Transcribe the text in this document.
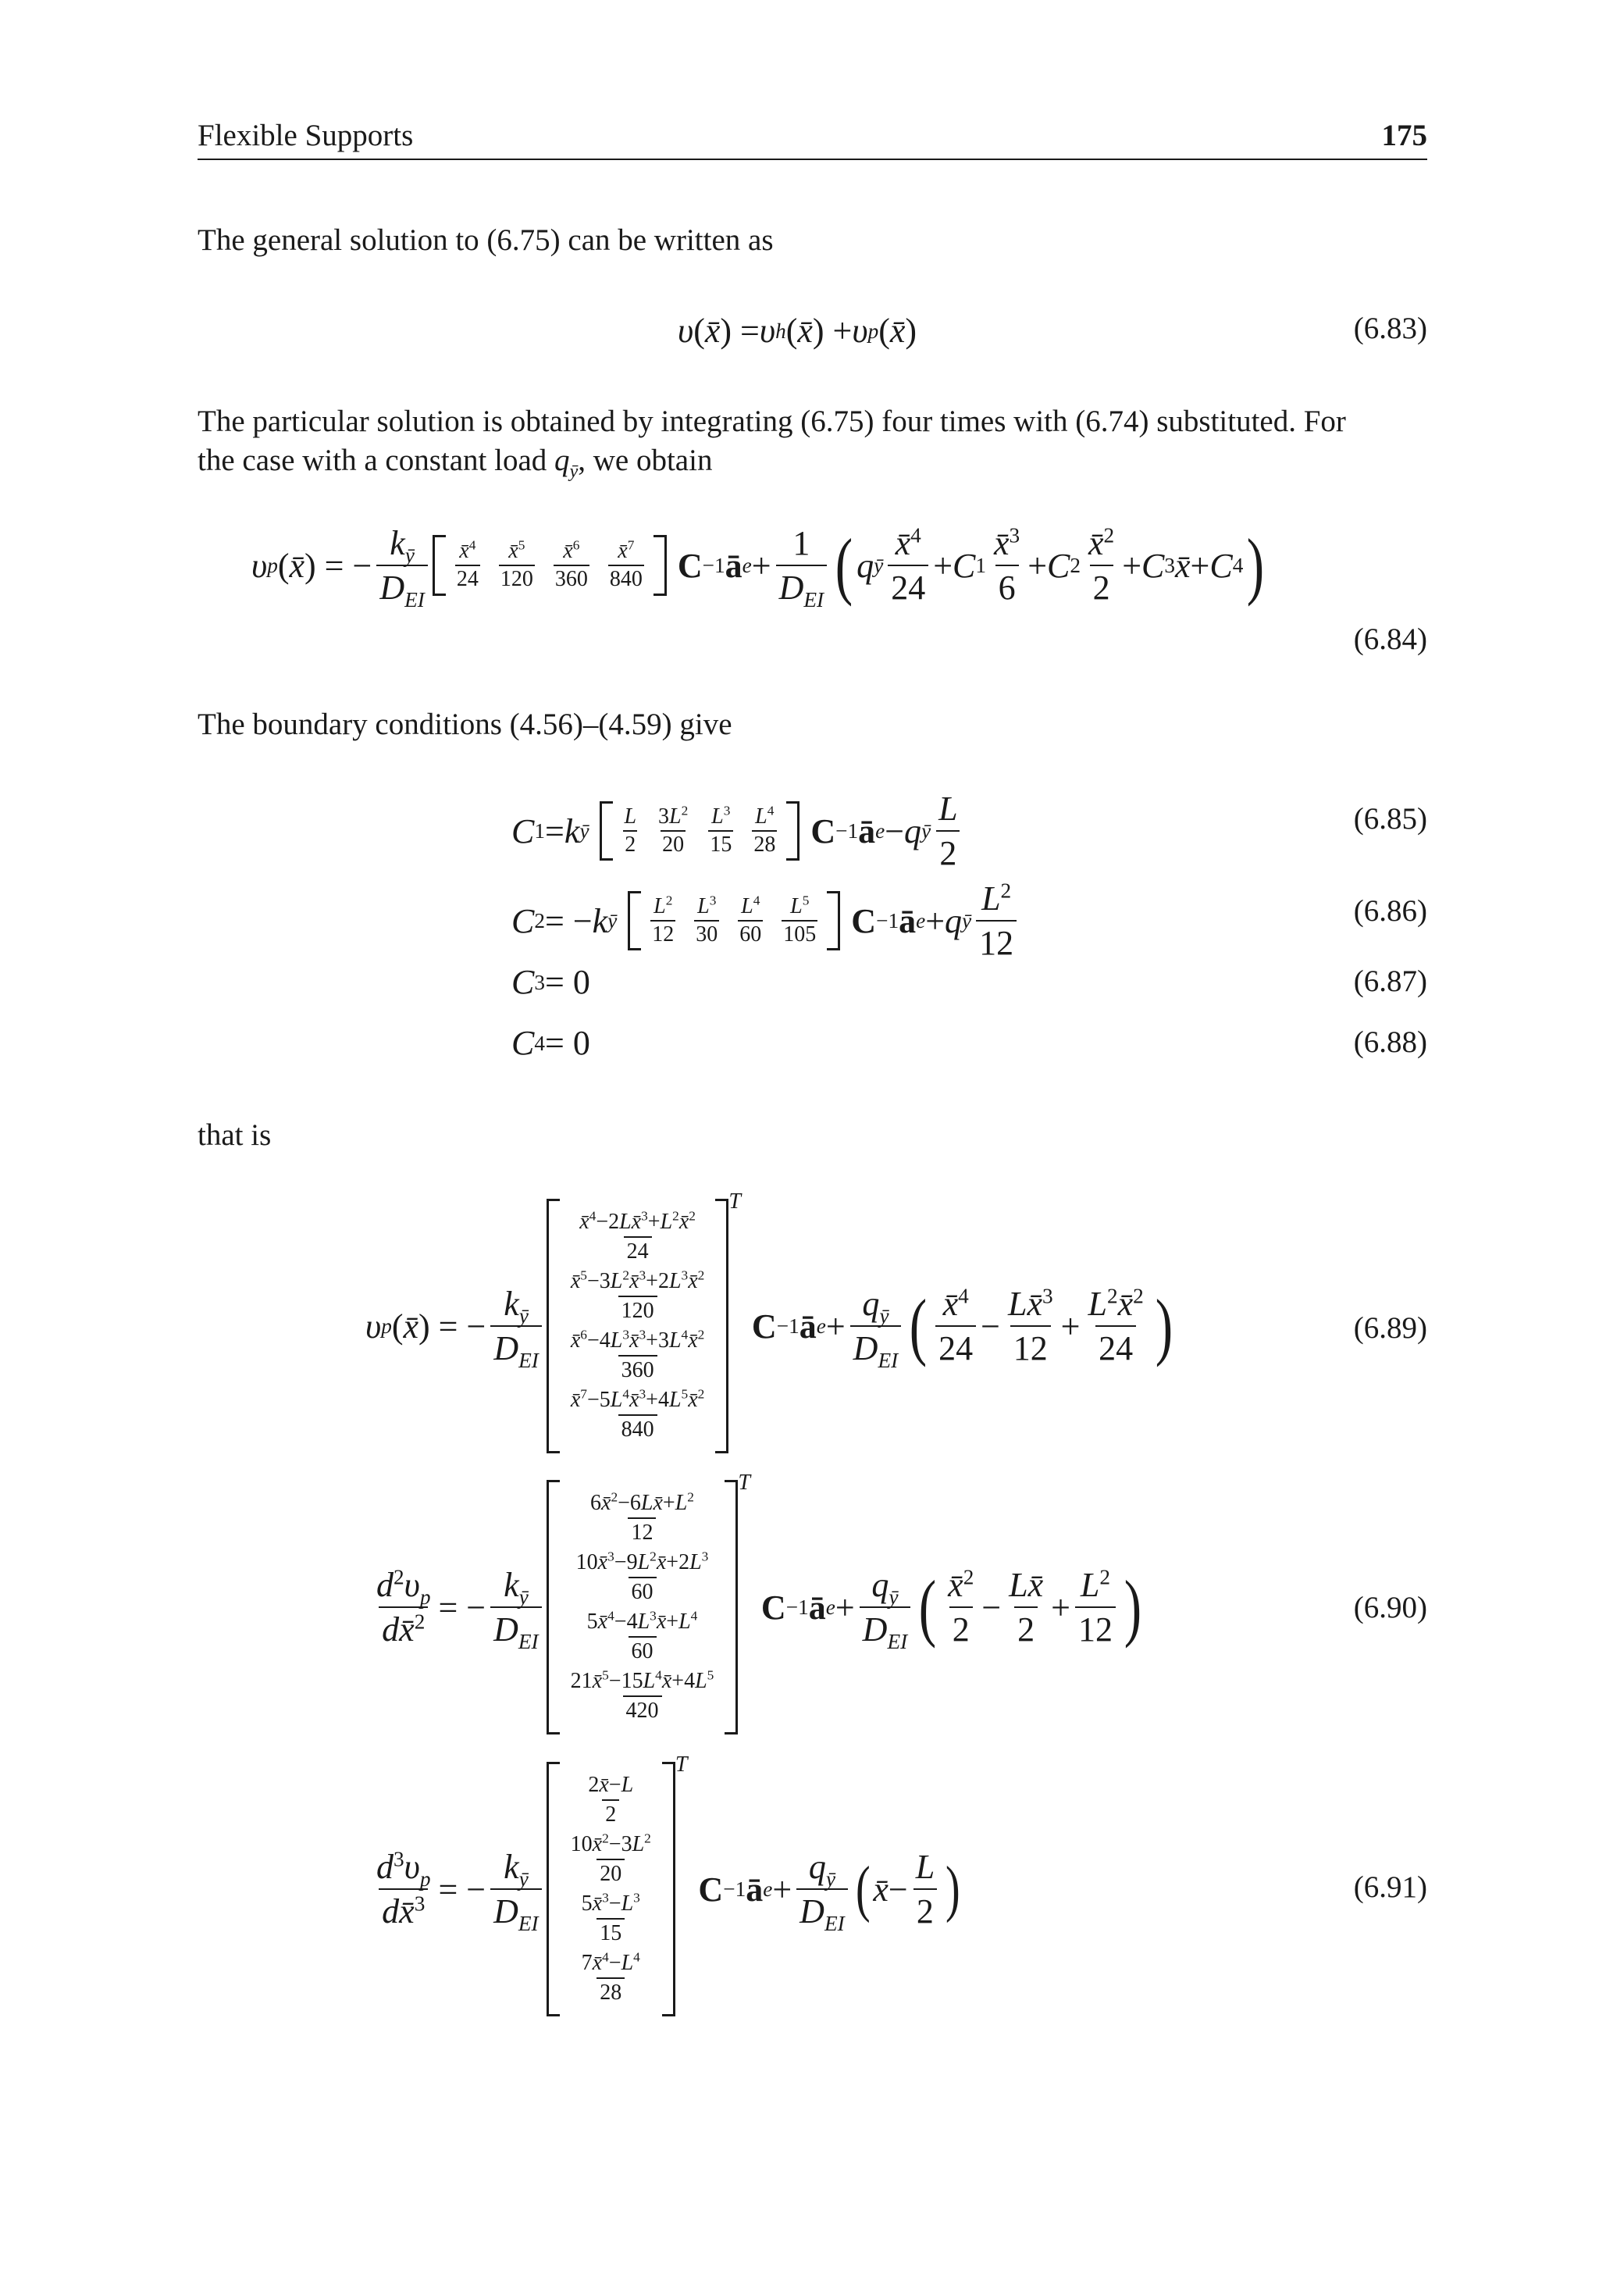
Flexible Supports	175
The general solution to (6.75) can be written as
υ ( x̄ ) = υ h ( x̄ ) + υ p ( x̄ )	(6.83)
The particular solution is obtained by integrating (6.75) four times with (6.74) substituted. For
the case with a constant load $q_ȳ$, we obtain
υ p ( x̄ ) = − $\frac{k_ȳ}{D_{EI}}$ x̄$^4$
24
x̄$^5$
120
x̄$^6$
360
x̄$^7$
840 C −1 ā $e + \frac{1}{D_{EI}}$ ( q ȳ $\frac{x̄^4}{24} + C$ $1 \frac{x̄^3}{6} + C$ $2 \frac{x̄^2}{2} + C$ 3 x̄ + C 4 )
(6.84)
The boundary conditions (4.56)–(4.59) give
C 1 = k ȳ
L
2
$3L^2$
20
$L^3$
15
$L^4$
28 C −1 ā e − q ȳ $\frac{L}{2}$	(6.85)
C 2 = − k ȳ
$L^2$
12
$L^3$
30
$L^4$
60
$L^5$
105 C −1 ā e + q ȳ $\frac{L^2}{12}$	(6.86)
C 3 = 0	(6.87)
C 4 = 0	(6.88)
that is
υ p ( x̄ ) = − $\frac{k_ȳ}{D_{EI}}$
$\frac{x̄^4-2Lx̄^3+L^2x̄^2}{24}$
$\frac{x̄^5-3L^2x̄^3+2L^3x̄^2}{120}$
$\frac{x̄^6-4L^3x̄^3+3L^4x̄^2}{360}$
$\frac{x̄^7-5L^4x̄^3+4L^5x̄^2}{840}$
T
C −1 ā $e + \frac{q_ȳ}{D_{EI}}$ ( $\frac{x̄^4}{24} - \frac{Lx̄^3}{12} + \frac{L^2x̄^2}{24}$ )	(6.89)
$\frac{d^2\upsilon_p}{dx̄^2}$ = − $\frac{k_ȳ}{D_{EI}}$
$\frac{6x̄^2-6Lx̄+L^2}{12}$
$\frac{10x̄^3-9L^2x̄+2L^3}{60}$
$\frac{5x̄^4-4L^3x̄+L^4}{60}$
$\frac{21x̄^5-15L^4x̄+4L^5}{420}$
T
C −1 ā $e + \frac{q_ȳ}{D_{EI}}$ ( $\frac{x̄^2}{2} - \frac{Lx̄}{2} + \frac{L^2}{12}$ )	(6.90)
$\frac{d^3\upsilon_p}{dx̄^3}$ = − $\frac{k_ȳ}{D_{EI}}$
$\frac{2x̄-L}{2}$
$\frac{10x̄^2-3L^2}{20}$
$\frac{5x̄^3-L^3}{15}$
$\frac{7x̄^4-L^4}{28}$
T
C −1 ā $e + \frac{q_ȳ}{D_{EI}}$ ( x̄ − $\frac{L}{2}$ )	(6.91)
